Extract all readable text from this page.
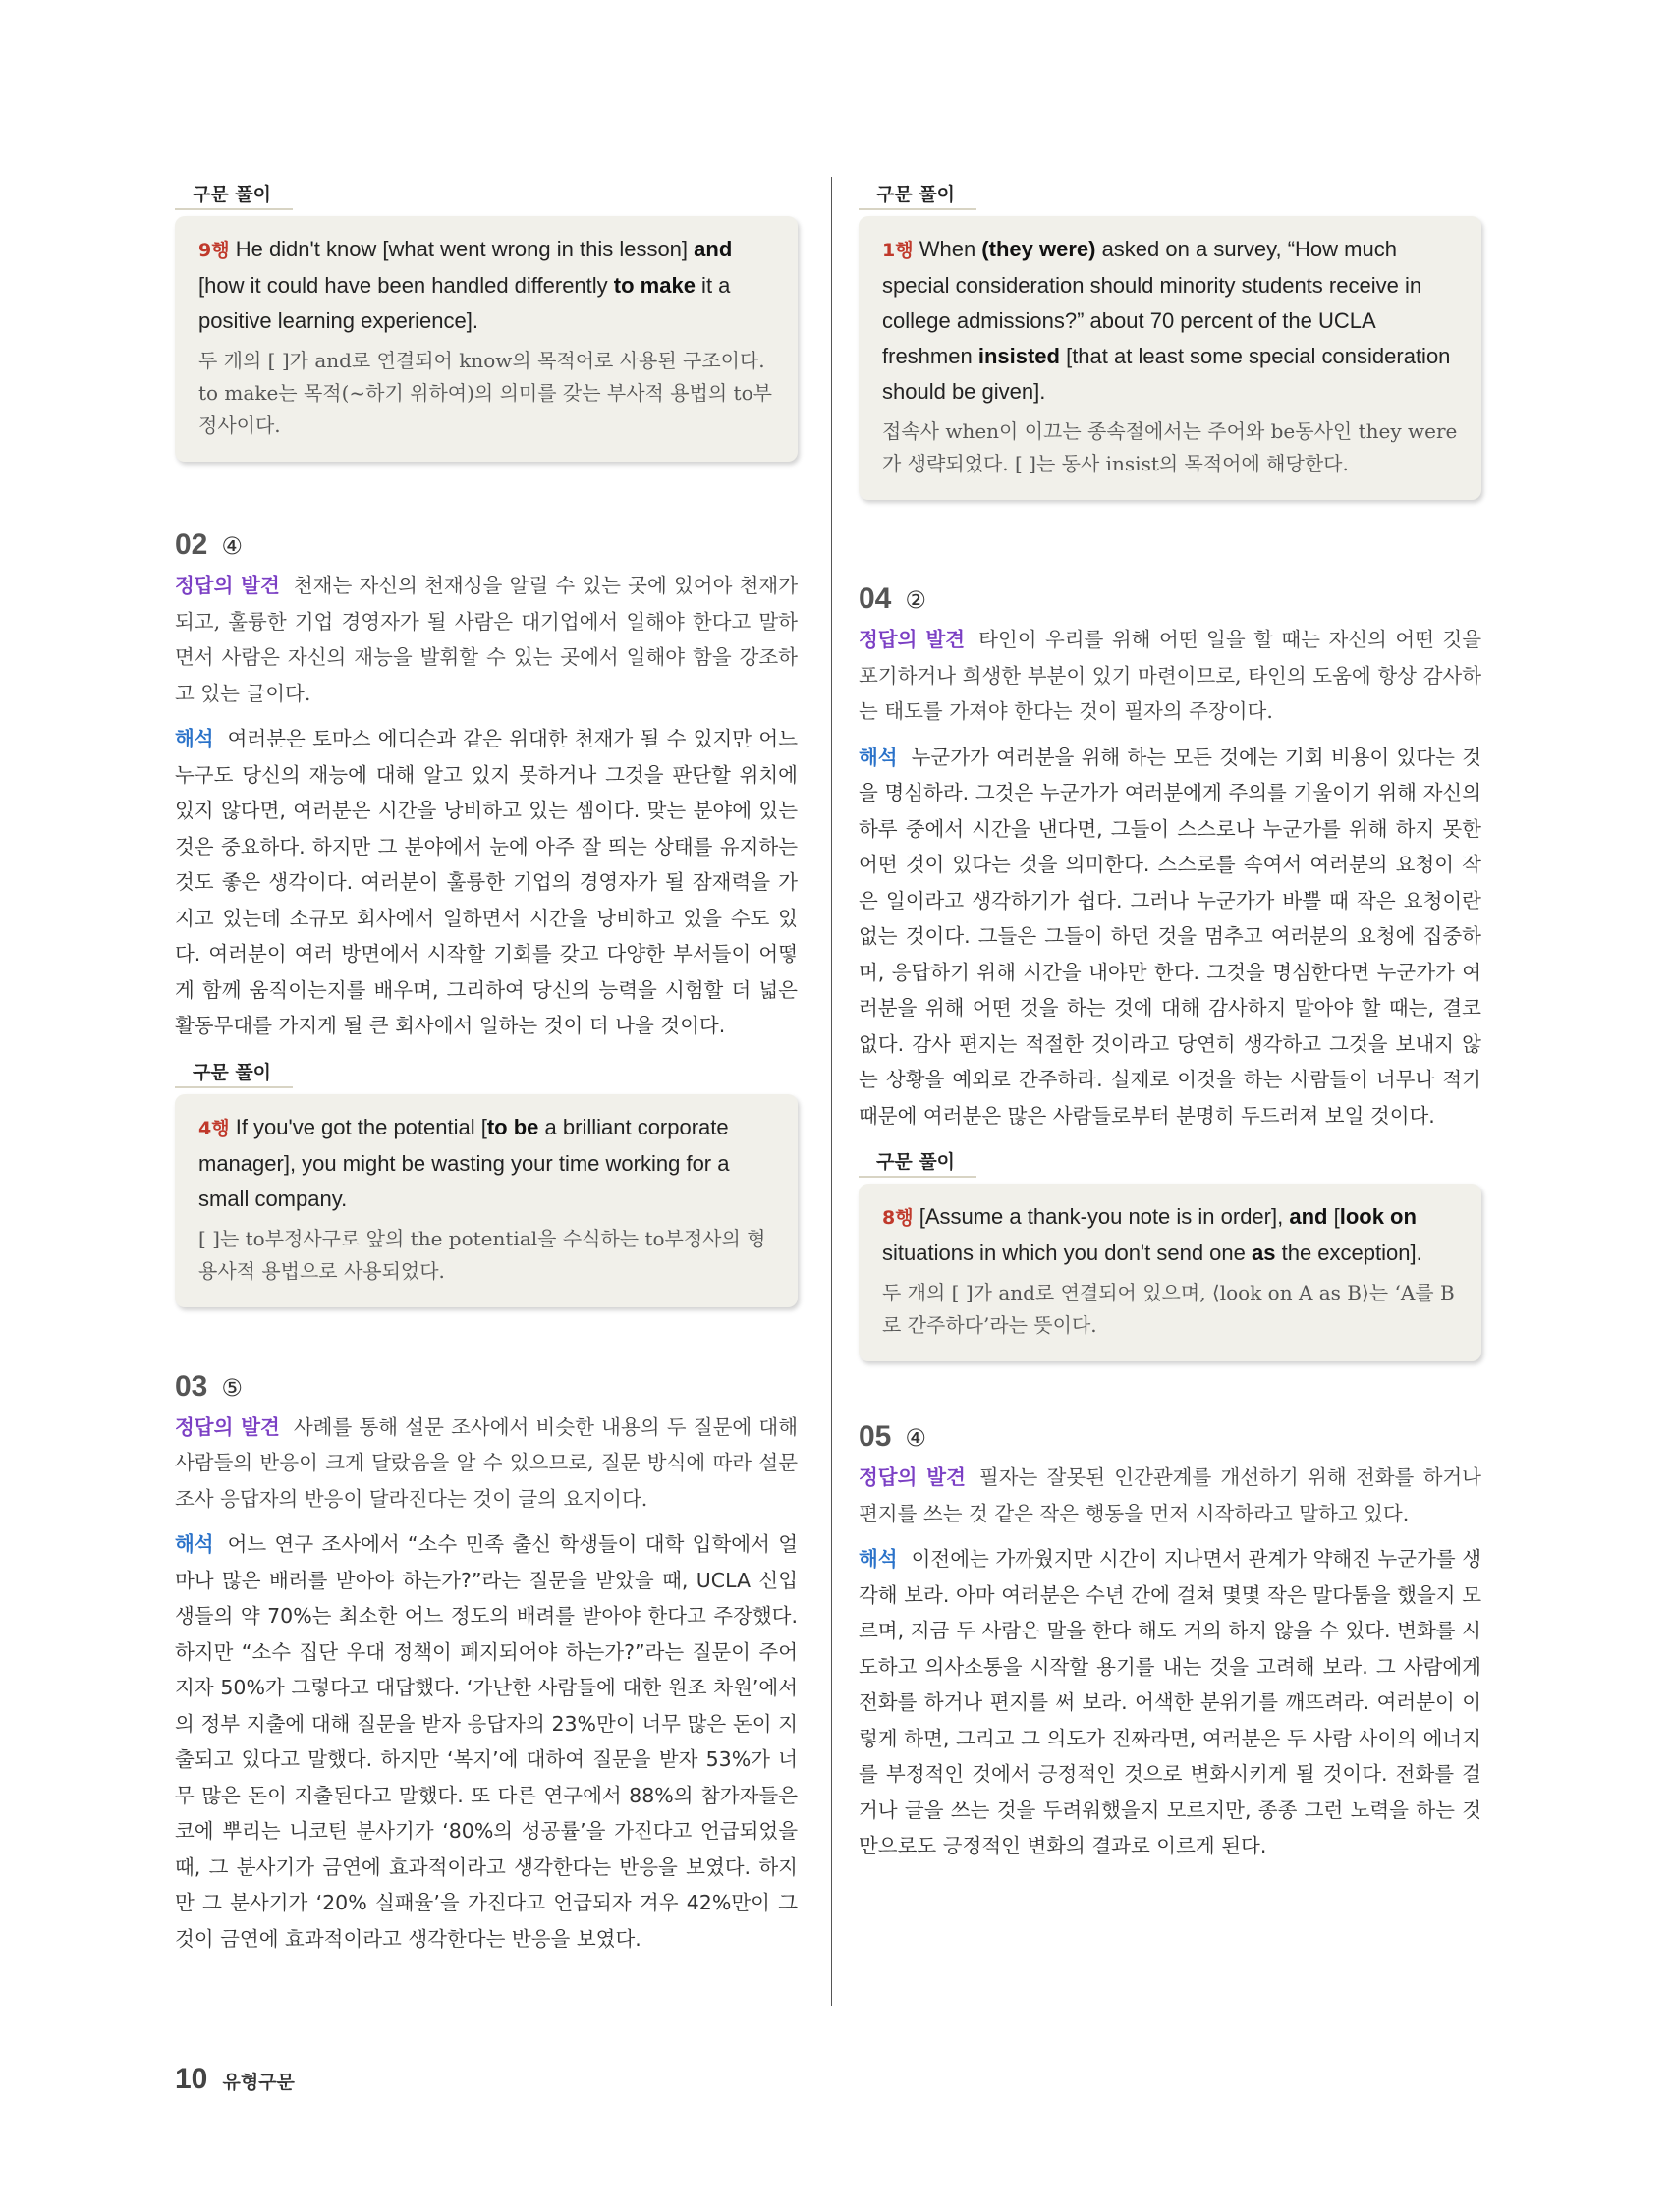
구문 풀이

9행 He didn't know [what went wrong in this lesson] and [how it could have been handled differently to make it a positive learning experience].

두 개의 [ ]가 and로 연결되어 know의 목적어로 사용된 구조이다. to make는 목적(~하기 위하여)의 의미를 갖는 부사적 용법의 to부정사이다.

02 ④

정답의 발견 천재는 자신의 천재성을 알릴 수 있는 곳에 있어야 천재가 되고, 훌륭한 기업 경영자가 될 사람은 대기업에서 일해야 한다고 말하면서 사람은 자신의 재능을 발휘할 수 있는 곳에서 일해야 함을 강조하고 있는 글이다.

해석 여러분은 토마스 에디슨과 같은 위대한 천재가 될 수 있지만 어느 누구도 당신의 재능에 대해 알고 있지 못하거나 그것을 판단할 위치에 있지 않다면, 여러분은 시간을 낭비하고 있는 셈이다. 맞는 분야에 있는 것은 중요하다. 하지만 그 분야에서 눈에 아주 잘 띄는 상태를 유지하는 것도 좋은 생각이다. 여러분이 훌륭한 기업의 경영자가 될 잠재력을 가지고 있는데 소규모 회사에서 일하면서 시간을 낭비하고 있을 수도 있다. 여러분이 여러 방면에서 시작할 기회를 갖고 다양한 부서들이 어떻게 함께 움직이는지를 배우며, 그리하여 당신의 능력을 시험할 더 넓은 활동무대를 가지게 될 큰 회사에서 일하는 것이 더 나을 것이다.

구문 풀이

4행 If you've got the potential [to be a brilliant corporate manager], you might be wasting your time working for a small company.

[ ]는 to부정사구로 앞의 the potential을 수식하는 to부정사의 형용사적 용법으로 사용되었다.

03 ⑤

정답의 발견 사례를 통해 설문 조사에서 비슷한 내용의 두 질문에 대해 사람들의 반응이 크게 달랐음을 알 수 있으므로, 질문 방식에 따라 설문 조사 응답자의 반응이 달라진다는 것이 글의 요지이다.

해석 어느 연구 조사에서 “소수 민족 출신 학생들이 대학 입학에서 얼마나 많은 배려를 받아야 하는가?”라는 질문을 받았을 때, UCLA 신입생들의 약 70%는 최소한 어느 정도의 배려를 받아야 한다고 주장했다. 하지만 “소수 집단 우대 정책이 폐지되어야 하는가?”라는 질문이 주어지자 50%가 그렇다고 대답했다. ‘가난한 사람들에 대한 원조 차원’에서의 정부 지출에 대해 질문을 받자 응답자의 23%만이 너무 많은 돈이 지출되고 있다고 말했다. 하지만 ‘복지’에 대하여 질문을 받자 53%가 너무 많은 돈이 지출된다고 말했다. 또 다른 연구에서 88%의 참가자들은 코에 뿌리는 니코틴 분사기가 ‘80%의 성공률’을 가진다고 언급되었을 때, 그 분사기가 금연에 효과적이라고 생각한다는 반응을 보였다. 하지만 그 분사기가 ‘20% 실패율’을 가진다고 언급되자 겨우 42%만이 그것이 금연에 효과적이라고 생각한다는 반응을 보였다.

구문 풀이

1행 When (they were) asked on a survey, “How much special consideration should minority students receive in college admissions?” about 70 percent of the UCLA freshmen insisted [that at least some special consideration should be given].

접속사 when이 이끄는 종속절에서는 주어와 be동사인 they were가 생략되었다. [ ]는 동사 insist의 목적어에 해당한다.

04 ②

정답의 발견 타인이 우리를 위해 어떤 일을 할 때는 자신의 어떤 것을 포기하거나 희생한 부분이 있기 마련이므로, 타인의 도움에 항상 감사하는 태도를 가져야 한다는 것이 필자의 주장이다.

해석 누군가가 여러분을 위해 하는 모든 것에는 기회 비용이 있다는 것을 명심하라. 그것은 누군가가 여러분에게 주의를 기울이기 위해 자신의 하루 중에서 시간을 낸다면, 그들이 스스로나 누군가를 위해 하지 못한 어떤 것이 있다는 것을 의미한다. 스스로를 속여서 여러분의 요청이 작은 일이라고 생각하기가 쉽다. 그러나 누군가가 바쁠 때 작은 요청이란 없는 것이다. 그들은 그들이 하던 것을 멈추고 여러분의 요청에 집중하며, 응답하기 위해 시간을 내야만 한다. 그것을 명심한다면 누군가가 여러분을 위해 어떤 것을 하는 것에 대해 감사하지 말아야 할 때는, 결코 없다. 감사 편지는 적절한 것이라고 당연히 생각하고 그것을 보내지 않는 상황을 예외로 간주하라. 실제로 이것을 하는 사람들이 너무나 적기 때문에 여러분은 많은 사람들로부터 분명히 두드러져 보일 것이다.

구문 풀이

8행 [Assume a thank-you note is in order], and [look on situations in which you don't send one as the exception].

두 개의 [ ]가 and로 연결되어 있으며, ⟨look on A as B⟩는 ‘A를 B로 간주하다’라는 뜻이다.

05 ④

정답의 발견 필자는 잘못된 인간관계를 개선하기 위해 전화를 하거나 편지를 쓰는 것 같은 작은 행동을 먼저 시작하라고 말하고 있다.

해석 이전에는 가까웠지만 시간이 지나면서 관계가 약해진 누군가를 생각해 보라. 아마 여러분은 수년 간에 걸쳐 몇몇 작은 말다툼을 했을지 모르며, 지금 두 사람은 말을 한다 해도 거의 하지 않을 수 있다. 변화를 시도하고 의사소통을 시작할 용기를 내는 것을 고려해 보라. 그 사람에게 전화를 하거나 편지를 써 보라. 어색한 분위기를 깨뜨려라. 여러분이 이렇게 하면, 그리고 그 의도가 진짜라면, 여러분은 두 사람 사이의 에너지를 부정적인 것에서 긍정적인 것으로 변화시키게 될 것이다. 전화를 걸거나 글을 쓰는 것을 두려워했을지 모르지만, 종종 그런 노력을 하는 것만으로도 긍정적인 변화의 결과로 이르게 된다.

10 유형구문
